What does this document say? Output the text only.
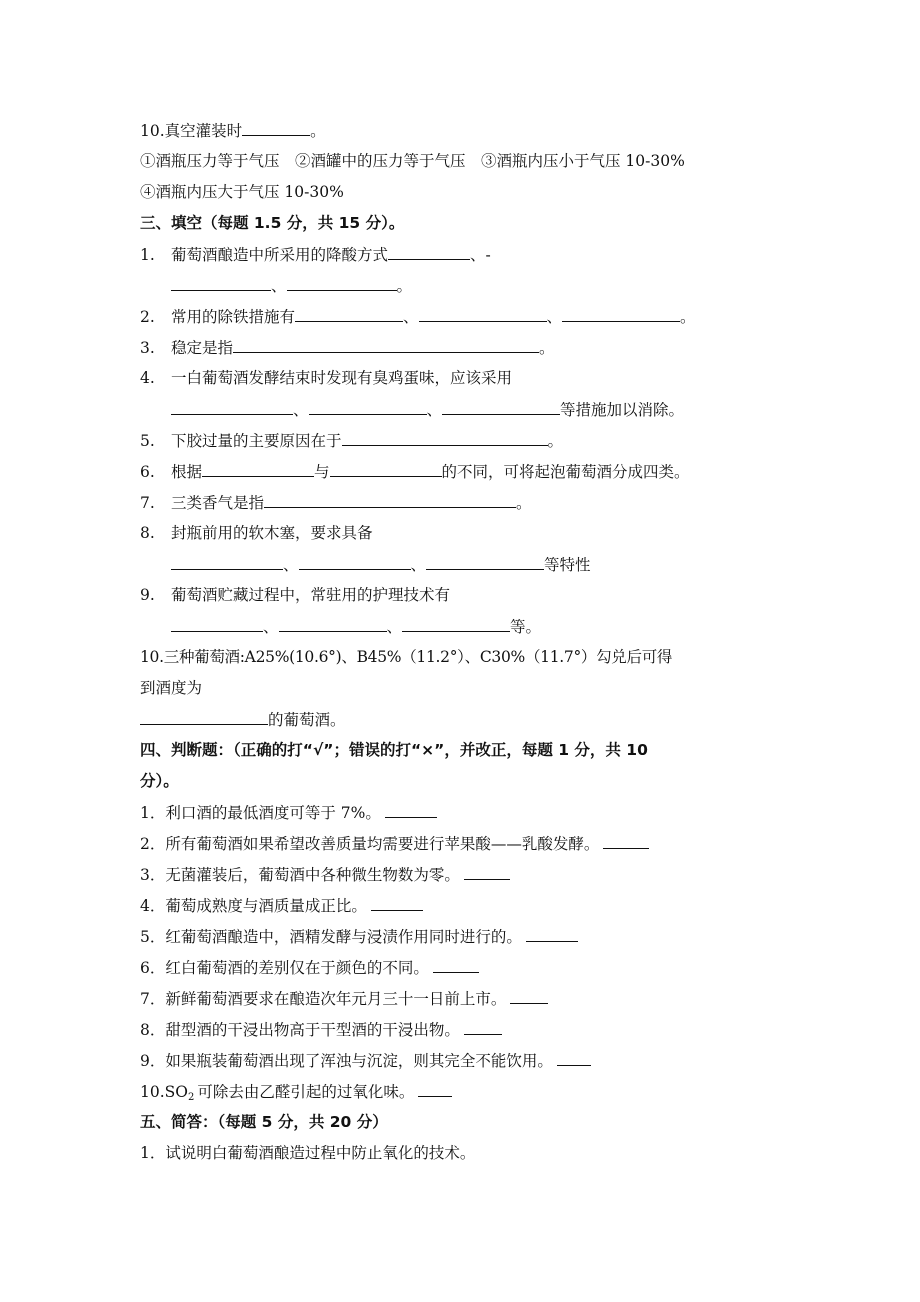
10.真空灌装时	。
①酒瓶压力等于气压　②酒罐中的压力等于气压　③酒瓶内压小于气压 10-30%
④酒瓶内压大于气压 10-30%
三、填空（每题 1.5 分，共 15 分）。
1. 葡萄酒酿造中所采用的降酸方式	、-
、	。
2. 常用的除铁措施有	、	、	。
3. 稳定是指	。
4. 一白葡萄酒发酵结束时发现有臭鸡蛋味，应该采用
、	、	等措施加以消除。
5. 下胶过量的主要原因在于	。
6. 根据	与	的不同，可将起泡葡萄酒分成四类。
7. 三类香气是指	。
8. 封瓶前用的软木塞，要求具备
、	、	等特性
9. 葡萄酒贮藏过程中，常驻用的护理技术有
、	、	等。
10.三种葡萄酒:A25%(10.6°)、B45%（11.2°）、C30%（11.7°）勾兑后可得
到酒度为
的葡萄酒。
四、判断题：（正确的打“√”；错误的打“×”，并改正，每题 1 分，共 10
分）。
1．利口酒的最低酒度可等于 7%。
2．所有葡萄酒如果希望改善质量均需要进行苹果酸——乳酸发酵。
3．无菌灌装后，葡萄酒中各种微生物数为零。
4．葡萄成熟度与酒质量成正比。
5．红葡萄酒酿造中，酒精发酵与浸渍作用同时进行的。
6．红白葡萄酒的差别仅在于颜色的不同。
7．新鲜葡萄酒要求在酿造次年元月三十一日前上市。
8．甜型酒的干浸出物高于干型酒的干浸出物。
9．如果瓶装葡萄酒出现了浑浊与沉淀，则其完全不能饮用。
$10.SO_2$ 可除去由乙醛引起的过氧化味。
五、简答：（每题 5 分，共 20 分）
1．试说明白葡萄酒酿造过程中防止氧化的技术。
